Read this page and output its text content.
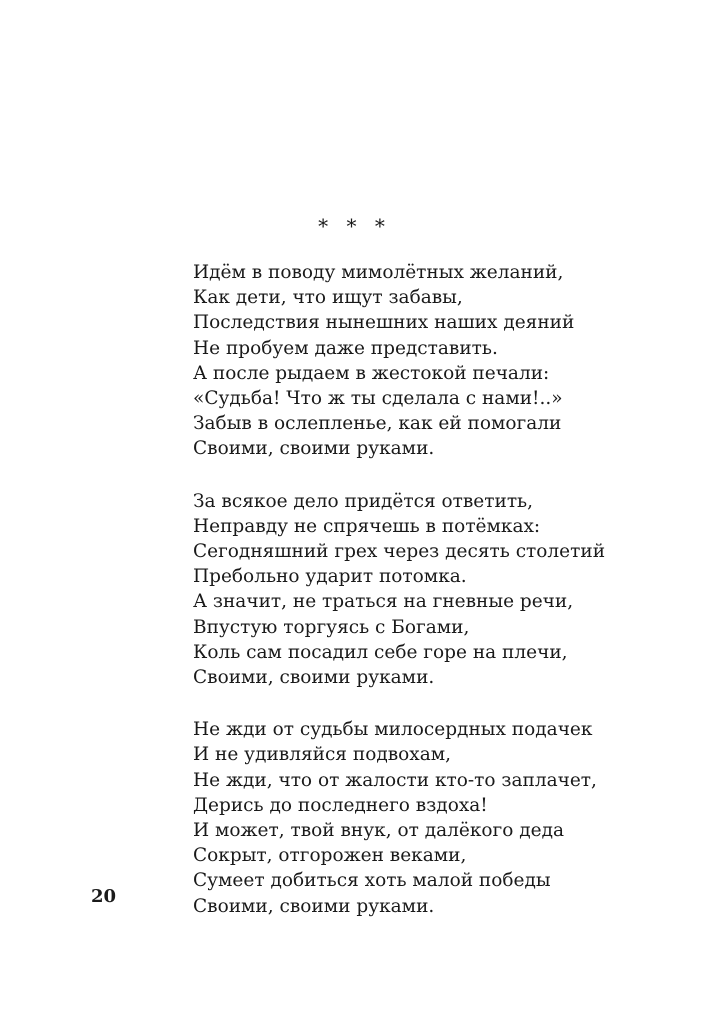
* * *
Идём в поводу мимолётных желаний,
Как дети, что ищут забавы,
Последствия нынешних наших деяний
Не пробуем даже представить.
А после рыдаем в жестокой печали:
«Судьба! Что ж ты сделала с нами!..»
Забыв в ослепленье, как ей помогали
Своими, своими руками.
За всякое дело придётся ответить,
Неправду не спрячешь в потёмках:
Сегодняшний грех через десять столетий
Пребольно ударит потомка.
А значит, не траться на гневные речи,
Впустую торгуясь с Богами,
Коль сам посадил себе горе на плечи,
Своими, своими руками.
Не жди от судьбы милосердных подачек
И не удивляйся подвохам,
Не жди, что от жалости кто-то заплачет,
Дерись до последнего вздоха!
И может, твой внук, от далёкого деда
Сокрыт, отгорожен веками,
Сумеет добиться хоть малой победы
Своими, своими руками.
20
